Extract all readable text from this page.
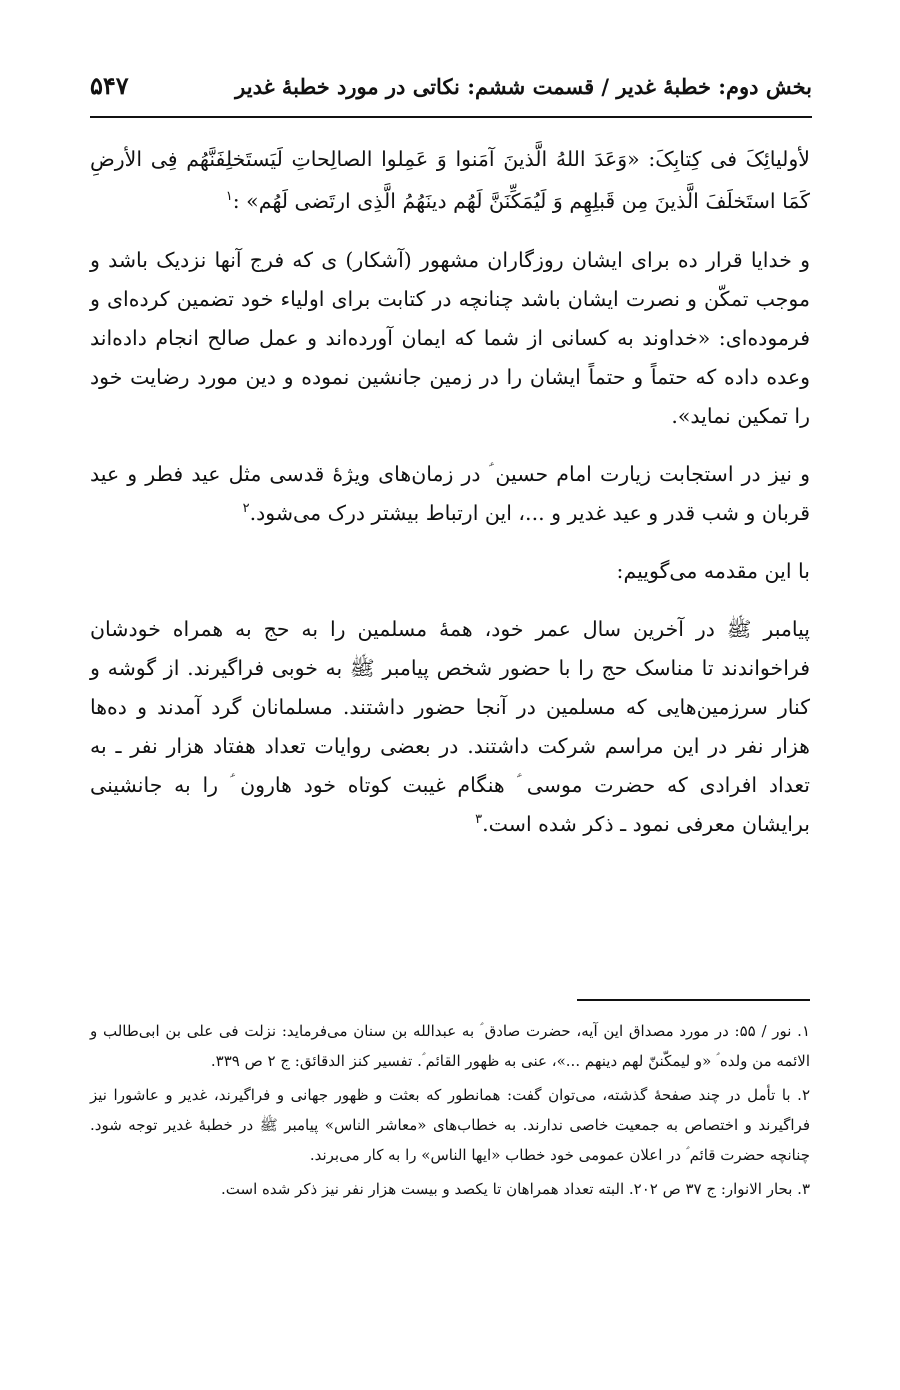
بخش دوم: خطبهٔ غدیر / قسمت ششم: نکاتی در مورد خطبهٔ غدیر
۵۴۷

لأولیائِکَ فی کِتابِکَ: «وَعَدَ اللهُ الَّذینَ آمَنوا وَ عَمِلوا الصالِحاتِ لَیَستَخلِفَنَّهُم فِی الأرضِ کَمَا استَخلَفَ الَّذینَ مِن قَبلِهِم وَ لَیُمَکِّنَنَّ لَهُم دینَهُمُ الَّذِی ارتَضی لَهُم» :$^۱$

و خدایا قرار ده برای ایشان روزگاران مشهور (آشکار) ی که فرج آنها نزدیک باشد و موجب تمکّن و نصرت ایشان باشد چنانچه در کتابت برای اولیاء خود تضمین کرده‌ای و فرموده‌ای: «خداوند به کسانی از شما که ایمان آورده‌اند و عمل صالح انجام داده‌اند وعده داده که حتماً و حتماً ایشان را در زمین جانشین نموده و دین مورد رضایت خود را تمکین نماید».

و نیز در استجابت زیارت امام حسین ؑ در زمان‌های ویژهٔ قدسی مثل عید فطر و عید قربان و شب قدر و عید غدیر و ...، این ارتباط بیشتر درک می‌شود.$^۲$

با این مقدمه می‌گوییم:

پیامبر ﷺ در آخرین سال عمر خود، همهٔ مسلمین را به حج به همراه خودشان فراخواندند تا مناسک حج را با حضور شخص پیامبر ﷺ به خوبی فراگیرند. از گوشه و کنار سرزمین‌هایی که مسلمین در آنجا حضور داشتند. مسلمانان گرد آمدند و ده‌ها هزار نفر در این مراسم شرکت داشتند. در بعضی روایات تعداد هفتاد هزار نفر ـ به تعداد افرادی که حضرت موسی ؑ هنگام غیبت کوتاه خود هارون ؑ را به جانشینی برایشان معرفی نمود ـ ذکر شده است.$^۳$

۱. نور / ۵۵: در مورد مصداق این آیه، حضرت صادق ؑ به عبدالله بن سنان می‌فرماید: نزلت فی علی بن ابی‌طالب و الائمه من ولده ؑ «و لیمکّننّ لهم دینهم ...»، عنی به ظهور القائم ؑ. تفسیر کنز الدقائق: ج ۲ ص ۳۳۹.

۲. با تأمل در چند صفحهٔ گذشته، می‌توان گفت: همانطور که بعثت و ظهور جهانی و فراگیرند، غدیر و عاشورا نیز فراگیرند و اختصاص به جمعیت خاصی ندارند. به خطاب‌های «معاشر الناس» پیامبر ﷺ در خطبهٔ غدیر توجه شود. چنانچه حضرت قائم ؑ در اعلان عمومی خود خطاب «ایها الناس» را به کار می‌برند.

۳. بحار الانوار: ج ۳۷ ص ۲۰۲. البته تعداد همراهان تا یکصد و بیست هزار نفر نیز ذکر شده است.
